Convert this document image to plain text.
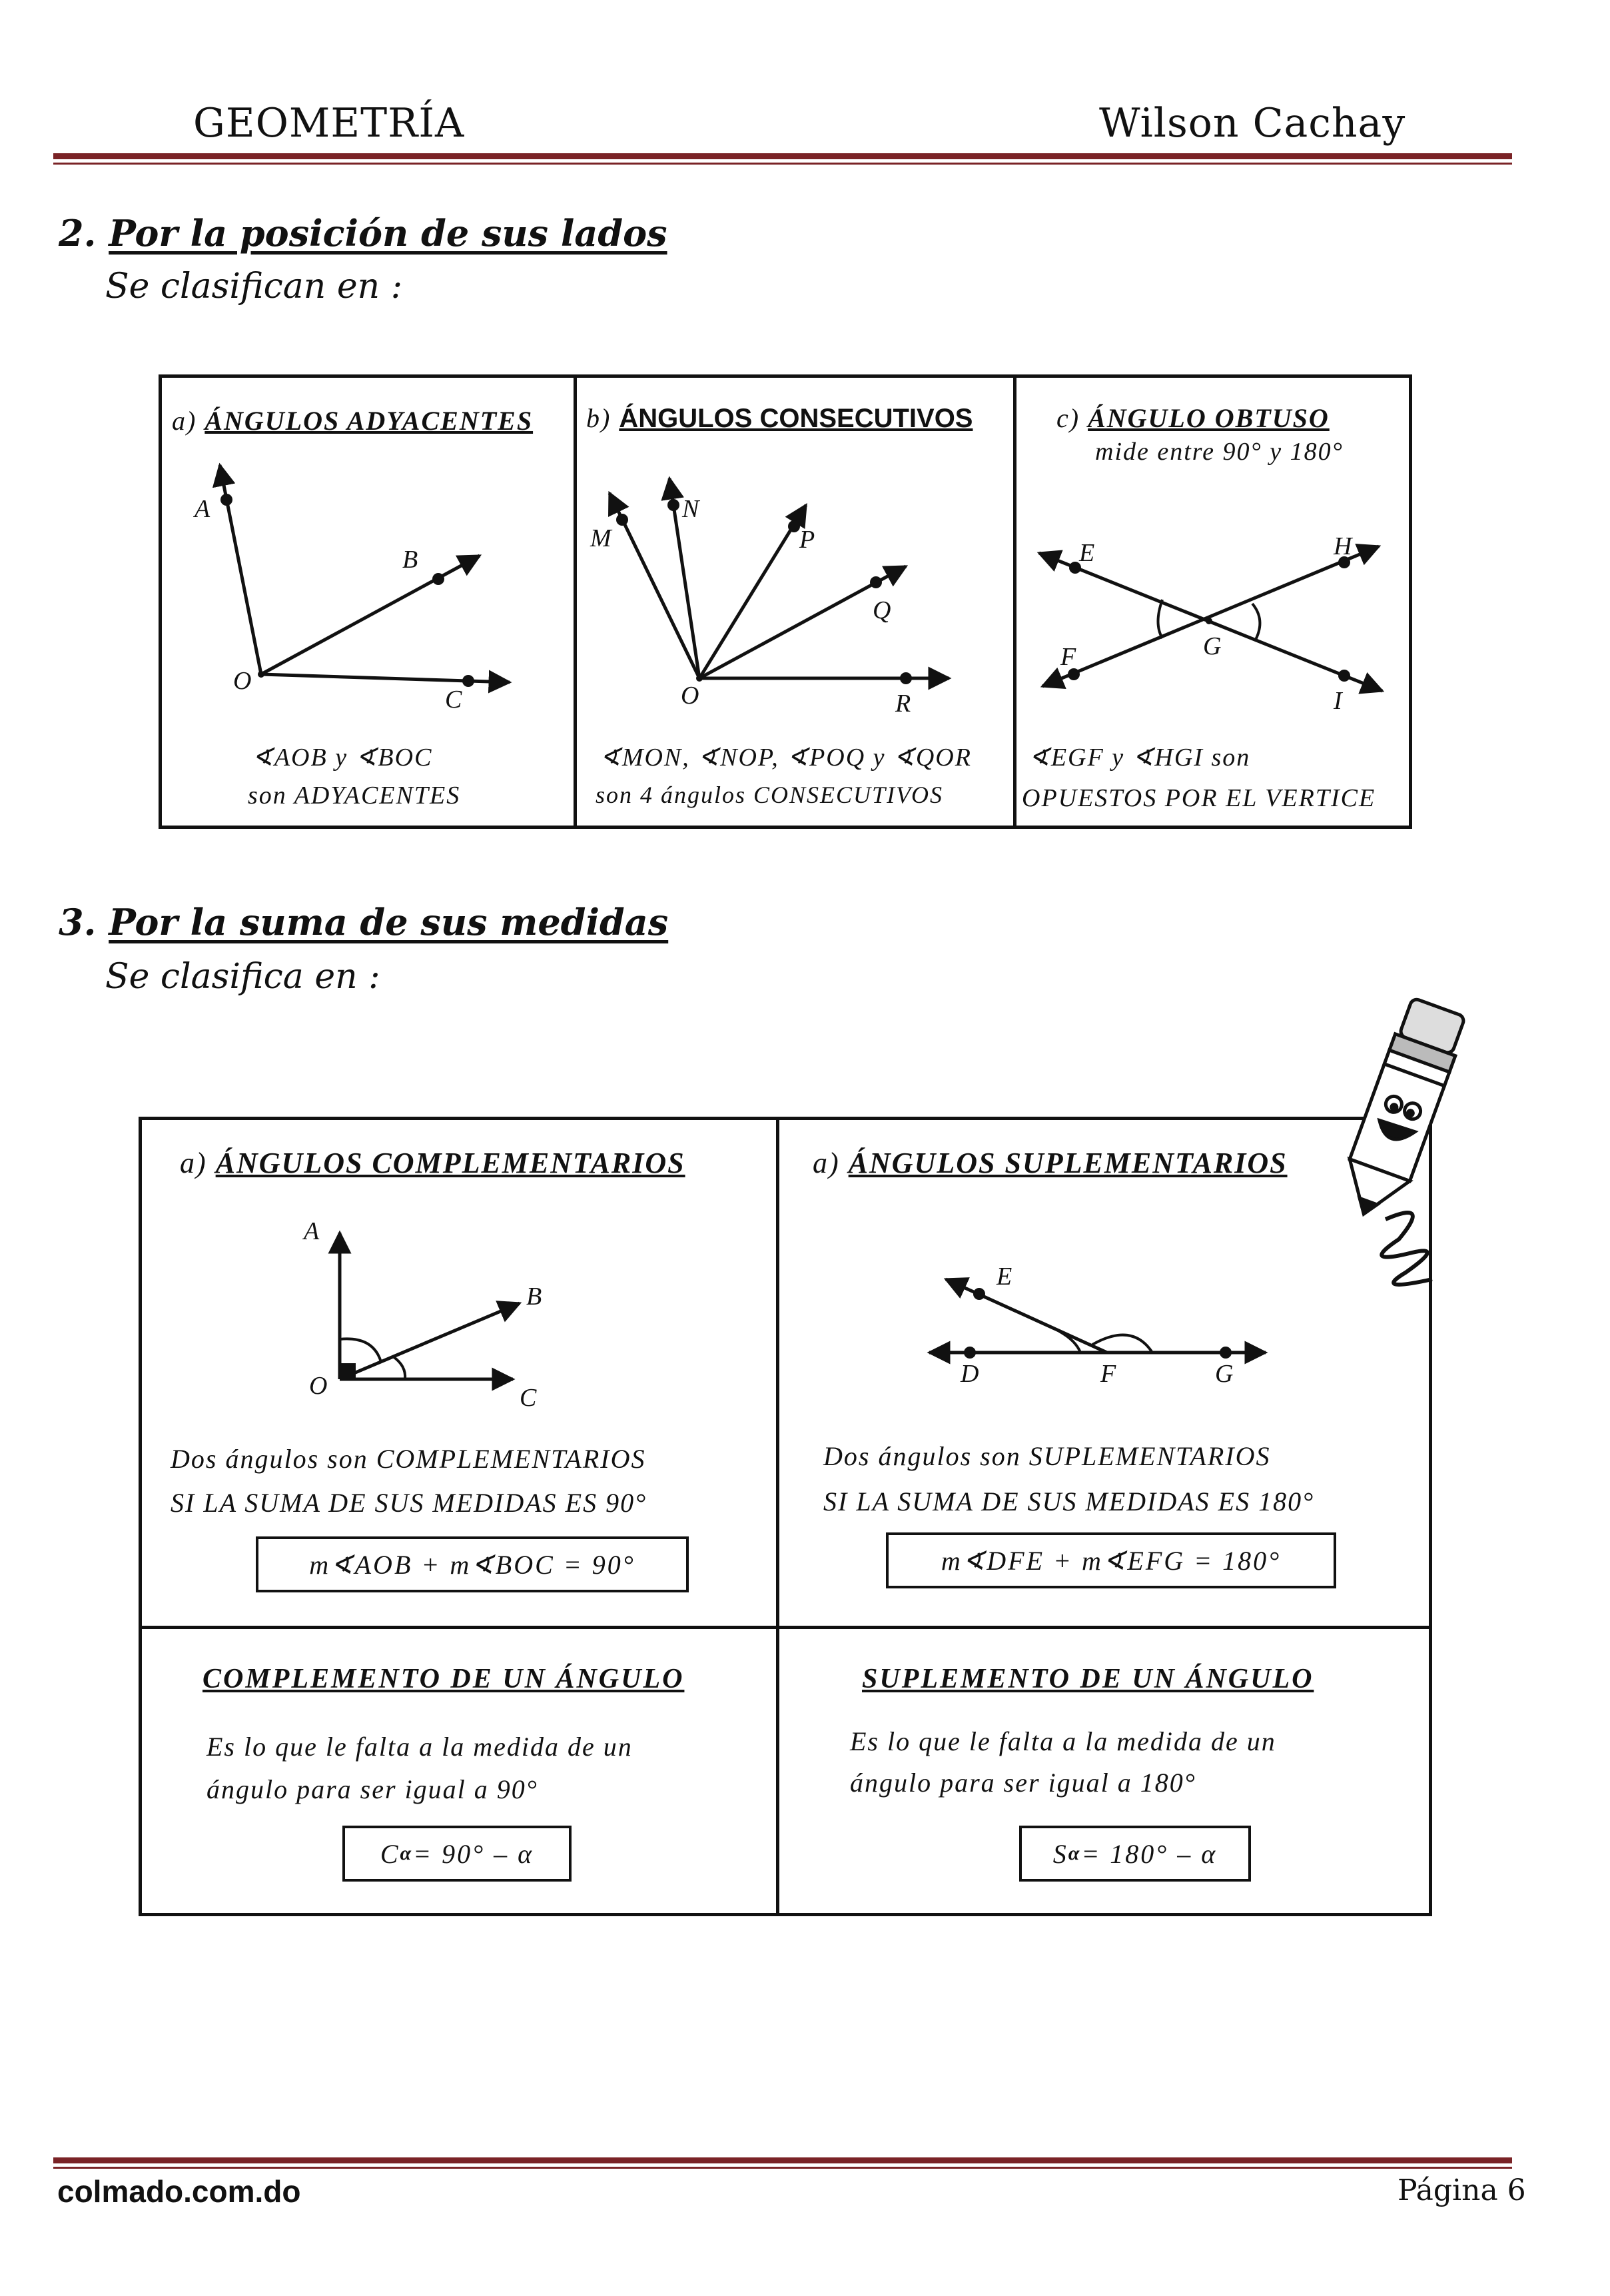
GEOMETRÍA	Wilson Cachay
2. Por la posición de sus lados
Se clasifican en :
a) ÁNGULOS ADYACENTES
A
B
O
C
∢AOB y ∢BOC
son ADYACENTES
b) ÁNGULOS CONSECUTIVOS
M
N
P
Q
O	R
∢MON, ∢NOP, ∢POQ y ∢QOR
son 4 ángulos CONSECUTIVOS
c) ÁNGULO OBTUSO
mide entre 90° y 180°
E	H
G
F
I
∢EGF y ∢HGI son
OPUESTOS POR EL VERTICE
3. Por la suma de sus medidas
Se clasifica en :
a) ÁNGULOS COMPLEMENTARIOS
A
B
O	C
Dos ángulos son COMPLEMENTARIOS
SI LA SUMA DE SUS MEDIDAS ES 90°
m∢AOB + m∢BOC = 90°
a) ÁNGULOS SUPLEMENTARIOS
E
D	F	G
Dos ángulos son SUPLEMENTARIOS
SI LA SUMA DE SUS MEDIDAS ES 180°
m∢DFE + m∢EFG = 180°
COMPLEMENTO DE UN ÁNGULO
Es lo que le falta a la medida de un
ángulo para ser igual a 90°
C α = 90° – α
SUPLEMENTO DE UN ÁNGULO
Es lo que le falta a la medida de un
ángulo para ser igual a 180°
S α = 180° – α
colmado.com.do	Página 6
